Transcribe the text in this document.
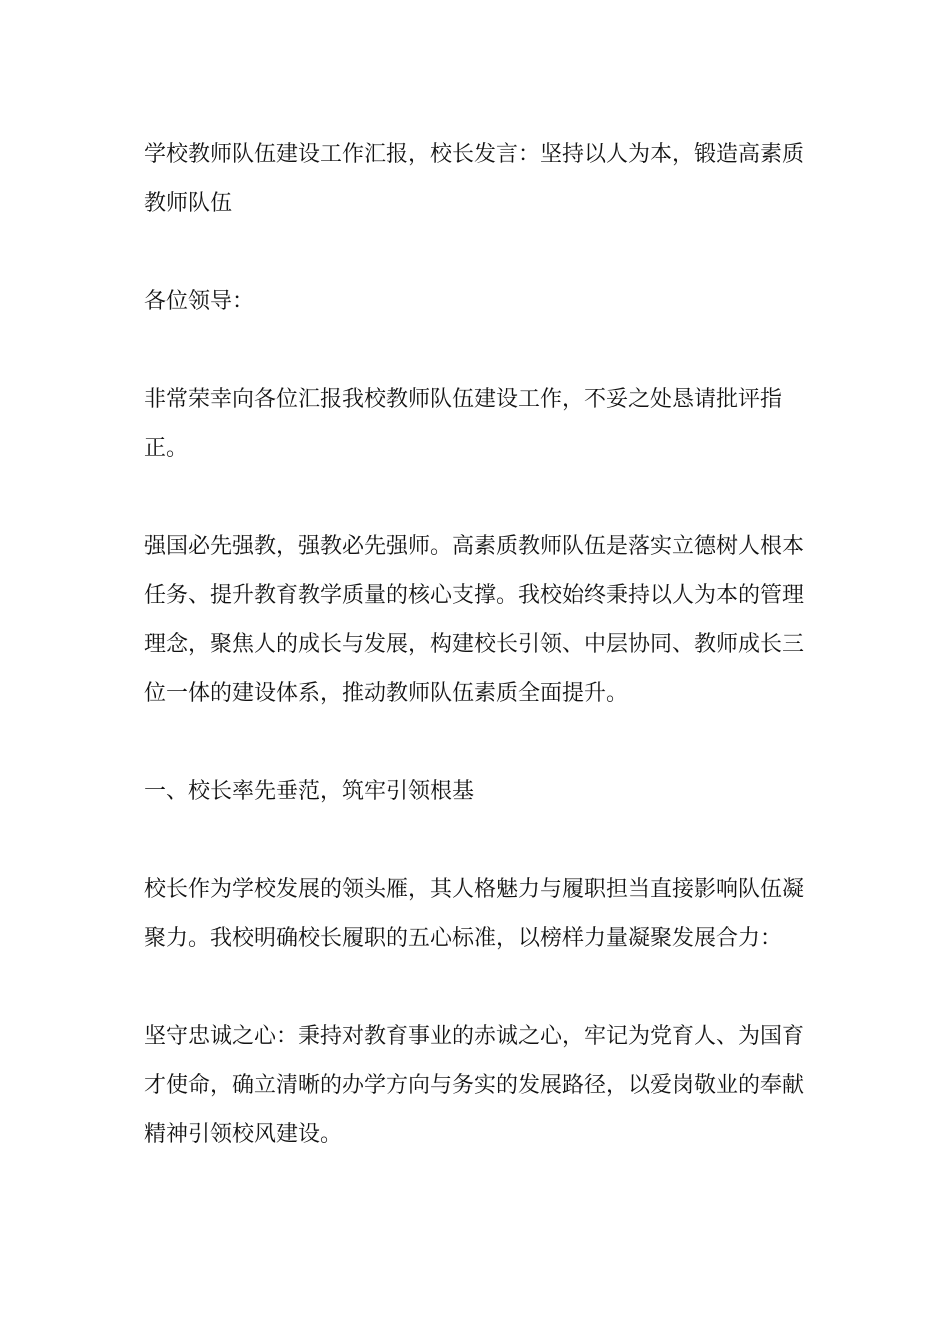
学校教师队伍建设工作汇报，校长发言：坚持以人为本，锻造高素质教师队伍

各位领导：

非常荣幸向各位汇报我校教师队伍建设工作，不妥之处恳请批评指正。

强国必先强教，强教必先强师。高素质教师队伍是落实立德树人根本任务、提升教育教学质量的核心支撑。我校始终秉持以人为本的管理理念，聚焦人的成长与发展，构建校长引领、中层协同、教师成长三位一体的建设体系，推动教师队伍素质全面提升。

一、校长率先垂范，筑牢引领根基

校长作为学校发展的领头雁，其人格魅力与履职担当直接影响队伍凝聚力。我校明确校长履职的五心标准，以榜样力量凝聚发展合力：

坚守忠诚之心：秉持对教育事业的赤诚之心，牢记为党育人、为国育才使命，确立清晰的办学方向与务实的发展路径，以爱岗敬业的奉献精神引领校风建设。
